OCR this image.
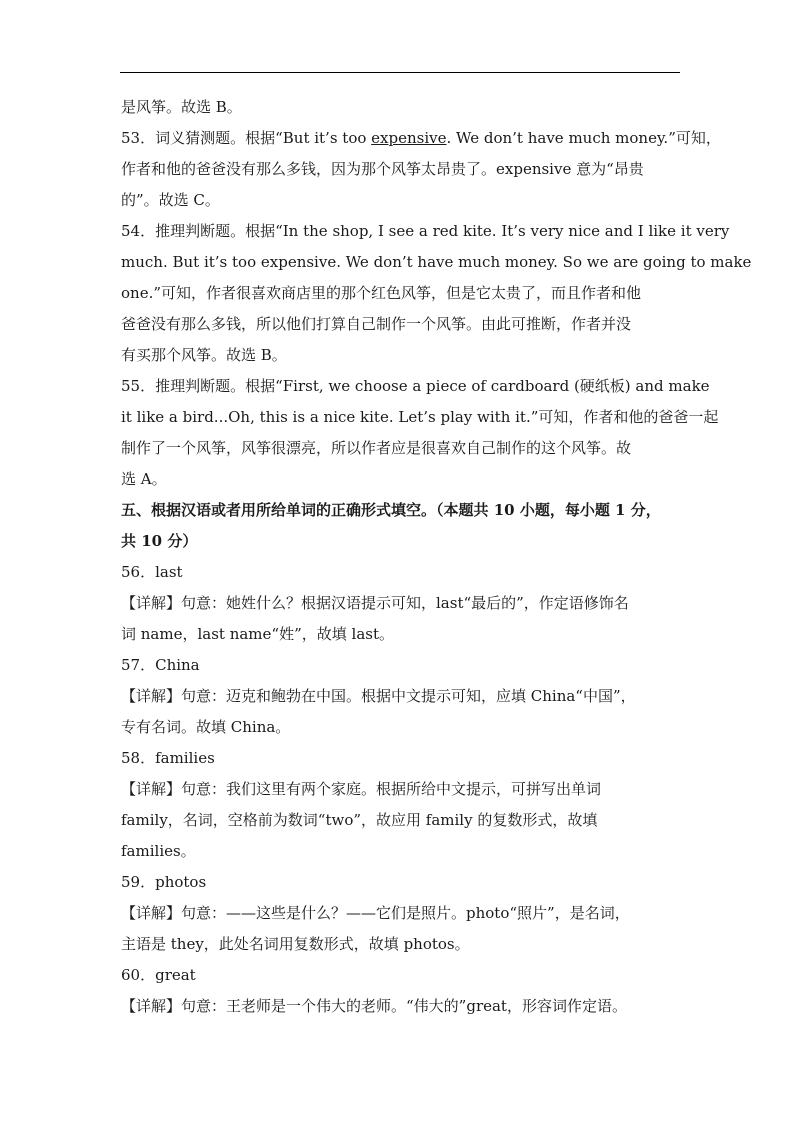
是风筝。故选 B。
53．词义猜测题。根据“But it’s too expensive. We don’t have much money.”可知，
作者和他的爸爸没有那么多钱，因为那个风筝太昂贵了。expensive 意为“昂贵
的”。故选 C。
54．推理判断题。根据“In the shop, I see a red kite. It’s very nice and I like it very
much. But it’s too expensive. We don’t have much money. So we are going to make
one.”可知，作者很喜欢商店里的那个红色风筝，但是它太贵了，而且作者和他
爸爸没有那么多钱，所以他们打算自己制作一个风筝。由此可推断，作者并没
有买那个风筝。故选 B。
55．推理判断题。根据“First, we choose a piece of cardboard (硬纸板) and make
it like a bird...Oh, this is a nice kite. Let’s play with it.”可知，作者和他的爸爸一起
制作了一个风筝，风筝很漂亮，所以作者应是很喜欢自己制作的这个风筝。故
选 A。
五、根据汉语或者用所给单词的正确形式填空。（本题共 10 小题，每小题 1 分，
共 10 分）
56．last
【详解】句意：她姓什么？根据汉语提示可知，last“最后的”，作定语修饰名
词 name，last name“姓”，故填 last。
57．China
【详解】句意：迈克和鲍勃在中国。根据中文提示可知，应填 China“中国”，
专有名词。故填 China。
58．families
【详解】句意：我们这里有两个家庭。根据所给中文提示，可拼写出单词
family，名词，空格前为数词“two”，故应用 family 的复数形式，故填
families。
59．photos
【详解】句意：——这些是什么？——它们是照片。photo“照片”，是名词，
主语是 they，此处名词用复数形式，故填 photos。
60．great
【详解】句意：王老师是一个伟大的老师。“伟大的”great，形容词作定语。
